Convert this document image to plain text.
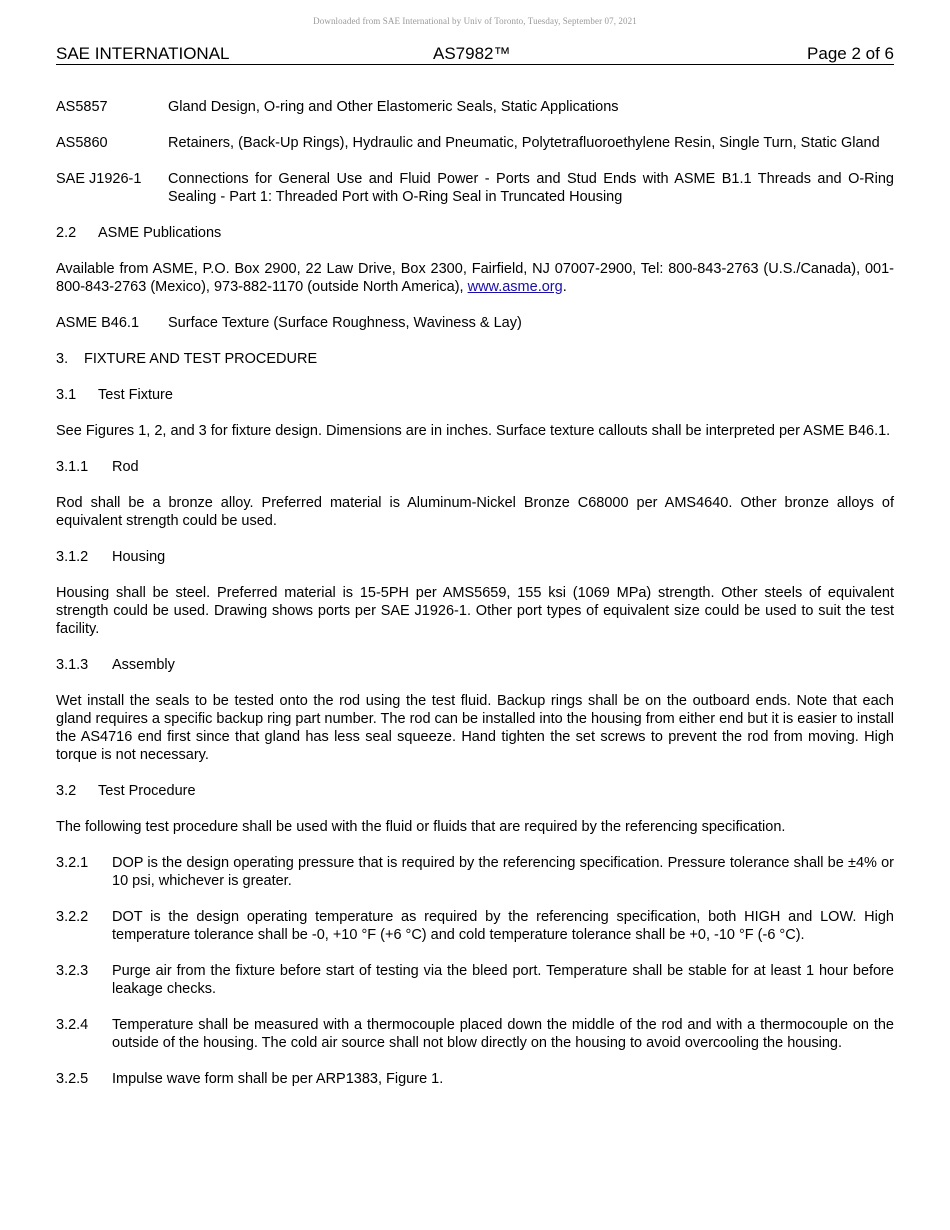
Downloaded from SAE International by Univ of Toronto, Tuesday, September 07, 2021
SAE INTERNATIONAL	AS7982™	Page 2 of 6
AS5857	Gland Design, O-ring and Other Elastomeric Seals, Static Applications
AS5860	Retainers, (Back-Up Rings), Hydraulic and Pneumatic, Polytetrafluoroethylene Resin, Single Turn, Static Gland
SAE J1926-1	Connections for General Use and Fluid Power - Ports and Stud Ends with ASME B1.1 Threads and O-Ring Sealing - Part 1: Threaded Port with O-Ring Seal in Truncated Housing
2.2	ASME Publications

Available from ASME, P.O. Box 2900, 22 Law Drive, Box 2300, Fairfield, NJ 07007-2900, Tel: 800-843-2763 (U.S./Canada), 001-800-843-2763 (Mexico), 973-882-1170 (outside North America), www.asme.org.

ASME B46.1	Surface Texture (Surface Roughness, Waviness & Lay)
3.	FIXTURE AND TEST PROCEDURE
3.1	Test Fixture

See Figures 1, 2, and 3 for fixture design. Dimensions are in inches. Surface texture callouts shall be interpreted per ASME B46.1.

3.1.1	Rod

Rod shall be a bronze alloy. Preferred material is Aluminum-Nickel Bronze C68000 per AMS4640. Other bronze alloys of equivalent strength could be used.

3.1.2	Housing

Housing shall be steel. Preferred material is 15-5PH per AMS5659, 155 ksi (1069 MPa) strength. Other steels of equivalent strength could be used. Drawing shows ports per SAE J1926-1. Other port types of equivalent size could be used to suit the test facility.

3.1.3	Assembly

Wet install the seals to be tested onto the rod using the test fluid. Backup rings shall be on the outboard ends. Note that each gland requires a specific backup ring part number. The rod can be installed into the housing from either end but it is easier to install the AS4716 end first since that gland has less seal squeeze. Hand tighten the set screws to prevent the rod from moving. High torque is not necessary.

3.2	Test Procedure

The following test procedure shall be used with the fluid or fluids that are required by the referencing specification.

3.2.1	DOP is the design operating pressure that is required by the referencing specification. Pressure tolerance shall be ±4% or 10 psi, whichever is greater.
3.2.2	DOT is the design operating temperature as required by the referencing specification, both HIGH and LOW. High temperature tolerance shall be -0, +10 °F (+6 °C) and cold temperature tolerance shall be +0, -10 °F (-6 °C).
3.2.3	Purge air from the fixture before start of testing via the bleed port. Temperature shall be stable for at least 1 hour before leakage checks.
3.2.4	Temperature shall be measured with a thermocouple placed down the middle of the rod and with a thermocouple on the outside of the housing. The cold air source shall not blow directly on the housing to avoid overcooling the housing.
3.2.5	Impulse wave form shall be per ARP1383, Figure 1.
